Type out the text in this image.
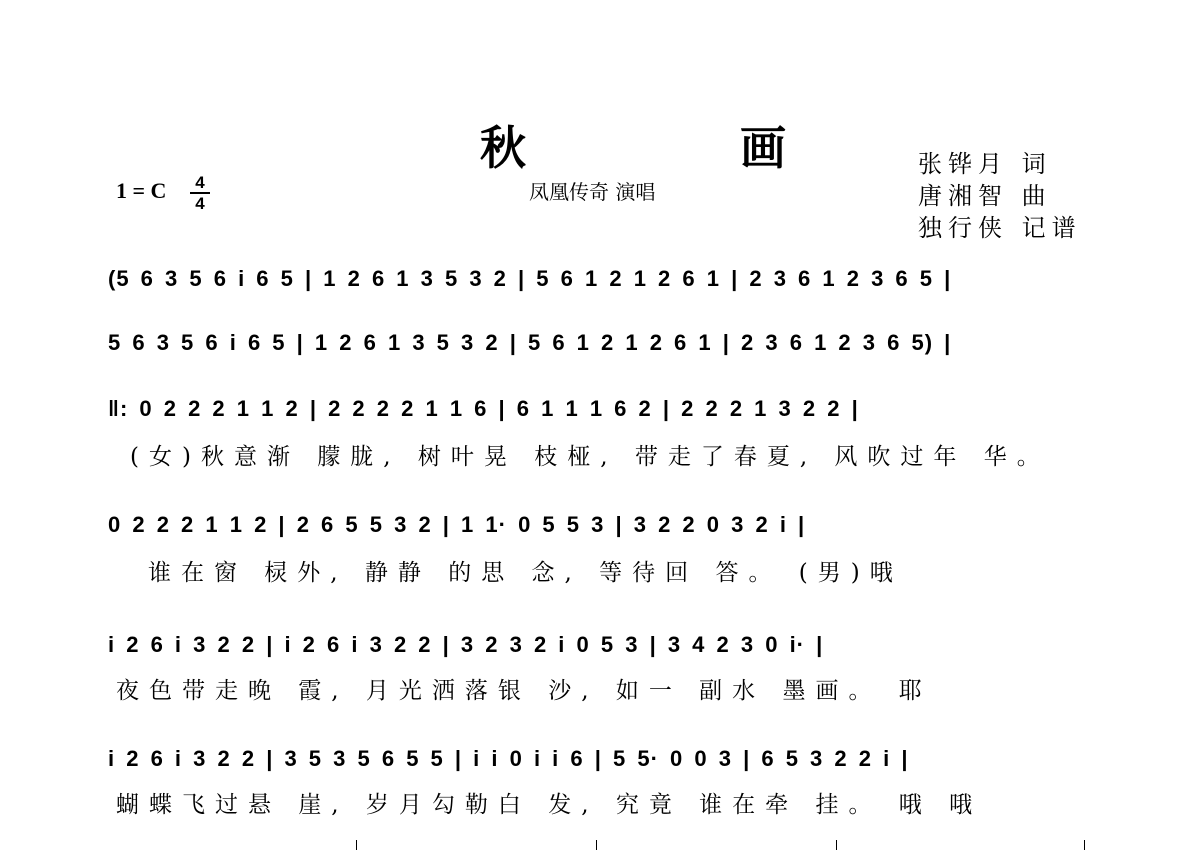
秋　画
凤凰传奇 演唱
1 = C	4
4
张铧月 词
唐湘智 曲
独行侠 记谱
(5 6 3 5 6 i 6 5 | 1 2 6 1 3 5 3 2 | 5 6 1 2 1 2 6 1 | 2 3 6 1 2 3 6 5 |
5 6 3 5 6 i 6 5 | 1 2 6 1 3 5 3 2 | 5 6 1 2 1 2 6 1 | 2 3 6 1 2 3 6 5) |
‖: 0 2 2 2 1 1 2 | 2 2 2 2 1 1 6 | 6 1 1 1 6 2 | 2 2 2 1 3 2 2 |
(女)秋意渐 朦胧, 树叶晃 枝桠, 带走了春夏, 风吹过年 华。
0 2 2 2 1 1 2 | 2 6 5 5 3 2 | 1 1· 0 5 5 3 | 3 2 2 0 3 2 i |
谁在窗 棂外, 静静 的思 念, 等待回 答。 (男)哦
i 2 6 i 3 2 2 | i 2 6 i 3 2 2 | 3 2 3 2 i 0 5 3 | 3 4 2 3 0 i· |
夜色带走晚 霞, 月光洒落银 沙, 如一 副水 墨画。 耶
i 2 6 i 3 2 2 | 3 5 3 5 6 5 5 | i i 0 i i 6 | 5 5· 0 0 3 | 6 5 3 2 2 i |
蝴蝶飞过悬 崖, 岁月勾勒白 发, 究竟 谁在牵 挂。 哦 哦
